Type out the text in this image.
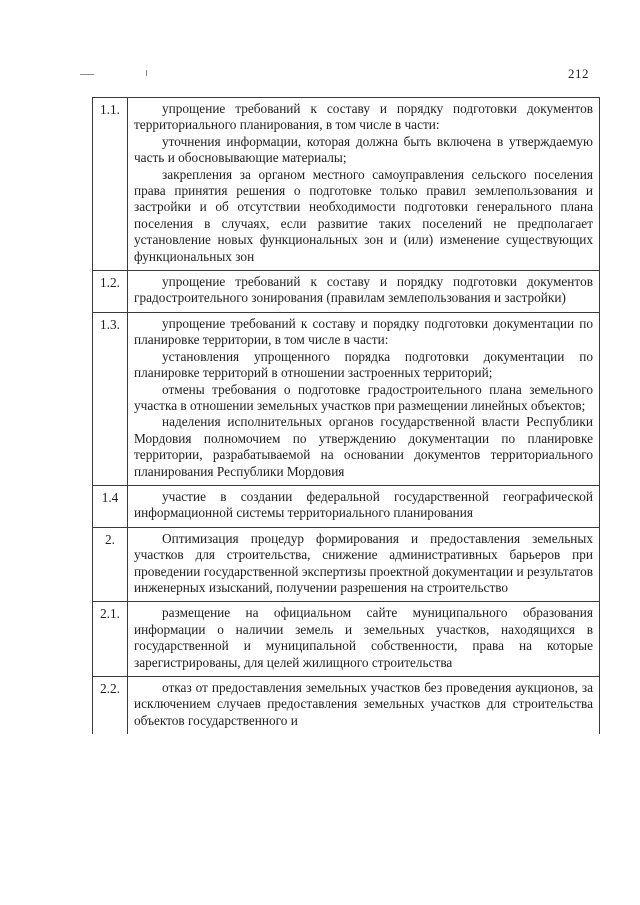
212
1.1.	упрощение требований к составу и порядку подготовки документов территориального планирования, в том числе в части:

уточнения информации, которая должна быть включена в утверждаемую часть и обосновывающие материалы;

закрепления за органом местного самоуправления сельского поселения права принятия решения о подготовке только правил землепользования и застройки и об отсутствии необходимости подготовки генерального плана поселения в случаях, если развитие таких поселений не предполагает установление новых функциональных зон и (или) изменение существующих функциональных зон

1.2.	упрощение требований к составу и порядку подготовки документов градостроительного зонирования (правилам землепользования и застройки)

1.3.	упрощение требований к составу и порядку подготовки документации по планировке территории, в том числе в части:

установления упрощенного порядка подготовки документации по планировке территорий в отношении застроенных территорий;

отмены требования о подготовке градостроительного плана земельного участка в отношении земельных участков при размещении линейных объектов;

наделения исполнительных органов государственной власти Республики Мордовия полномочием по утверждению документации по планировке территории, разрабатываемой на основании документов территориального планирования Республики Мордовия

1.4	участие в создании федеральной государственной географической информационной системы территориального планирования

2.	Оптимизация процедур формирования и предоставления земельных участков для строительства, снижение административных барьеров при проведении государственной экспертизы проектной документации и результатов инженерных изысканий, получении разрешения на строительство

2.1.	размещение на официальном сайте муниципального образования информации о наличии земель и земельных участков, находящихся в государственной и муниципальной собственности, права на которые зарегистрированы, для целей жилищного строительства

2.2.	отказ от предоставления земельных участков без проведения аукционов, за исключением случаев предоставления земельных участков для строительства объектов государственного и
